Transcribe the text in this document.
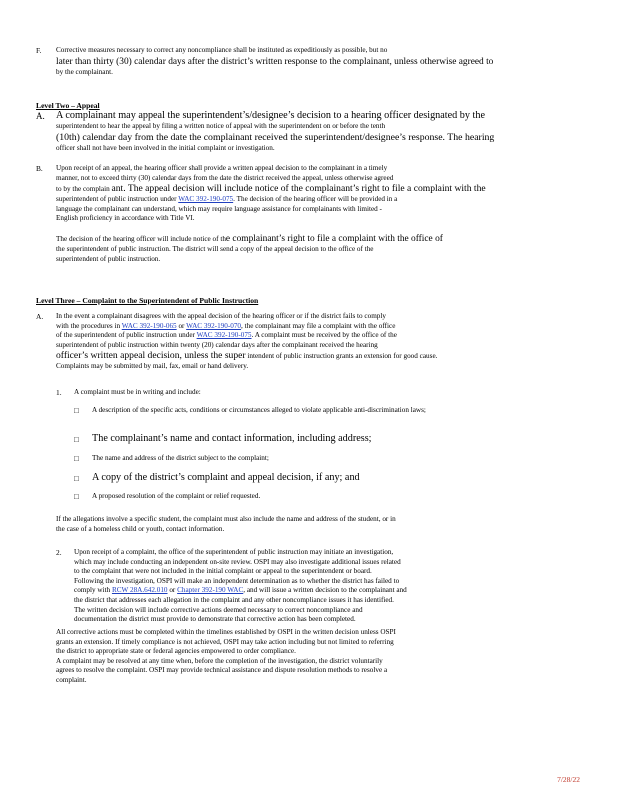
F. Corrective measures necessary to correct any noncompliance shall be instituted as expeditiously as possible, but no

later than thirty (30) calendar days after the district’s written response to the complainant, unless otherwise agreed to

by the complainant.

Level Two – Appeal
A. A complainant may appeal the superintendent’s/designee’s decision to a hearing officer designated by the

superintendent to hear the appeal by filing a written notice of appeal with the superintendent on or before the tenth

(10th) calendar day from the date the complainant received the superintendent/designee’s response. The hearing

officer shall not have been involved in the initial complaint or investigation.

B. Upon receipt of an appeal, the hearing officer shall provide a written appeal decision to the complainant in a timely

manner, not to exceed thirty (30) calendar days from the date the district received the appeal, unless otherwise agreed

to by the complain ant. The appeal decision will include notice of the complainant’s right to file a complaint with the

superintendent of public instruction under WAC 392-190-075. The decision of the hearing officer will be provided in a

language the complainant can understand, which may require language assistance for complainants with limited -

English proficiency in accordance with Title VI.

The decision of the hearing officer will include notice of the complainant’s right to file a complaint with the office of

the superintendent of public instruction. The district will send a copy of the appeal decision to the office of the

superintendent of public instruction.

Level Three – Complaint to the Superintendent of Public Instruction
A. In the event a complainant disagrees with the appeal decision of the hearing officer or if the district fails to comply

with the procedures in WAC 392-190-065 or WAC 392-190-070, the complainant may file a complaint with the office

of the superintendent of public instruction under WAC 392-190-075. A complaint must be received by the office of the

superintendent of public instruction within twenty (20) calendar days after the complainant received the hearing

officer’s written appeal decision, unless the super intendent of public instruction grants an extension for good cause.

Complaints may be submitted by mail, fax, email or hand delivery.

1. A complaint must be in writing and include:

□ A description of the specific acts, conditions or circumstances alleged to violate applicable anti-discrimination laws;

□ The complainant’s name and contact information, including address;

□ The name and address of the district subject to the complaint;

□ A copy of the district’s complaint and appeal decision, if any; and

□ A proposed resolution of the complaint or relief requested.

If the allegations involve a specific student, the complaint must also include the name and address of the student, or in

the case of a homeless child or youth, contact information.

2. Upon receipt of a complaint, the office of the superintendent of public instruction may initiate an investigation,

which may include conducting an independent on-site review. OSPI may also investigate additional issues related

to the complaint that were not included in the initial complaint or appeal to the superintendent or board.

Following the investigation, OSPI will make an independent determination as to whether the district has failed to

comply with RCW 28A.642.010 or Chapter 392-190 WAC, and will issue a written decision to the complainant and

the district that addresses each allegation in the complaint and any other noncompliance issues it has identified.

The written decision will include corrective actions deemed necessary to correct noncompliance and

documentation the district must provide to demonstrate that corrective action has been completed.

All corrective actions must be completed within the timelines established by OSPI in the written decision unless OSPI

grants an extension. If timely compliance is not achieved, OSPI may take action including but not limited to referring

the district to appropriate state or federal agencies empowered to order compliance.

A complaint may be resolved at any time when, before the completion of the investigation, the district voluntarily

agrees to resolve the complaint. OSPI may provide technical assistance and dispute resolution methods to resolve a

complaint.

7/28/22
